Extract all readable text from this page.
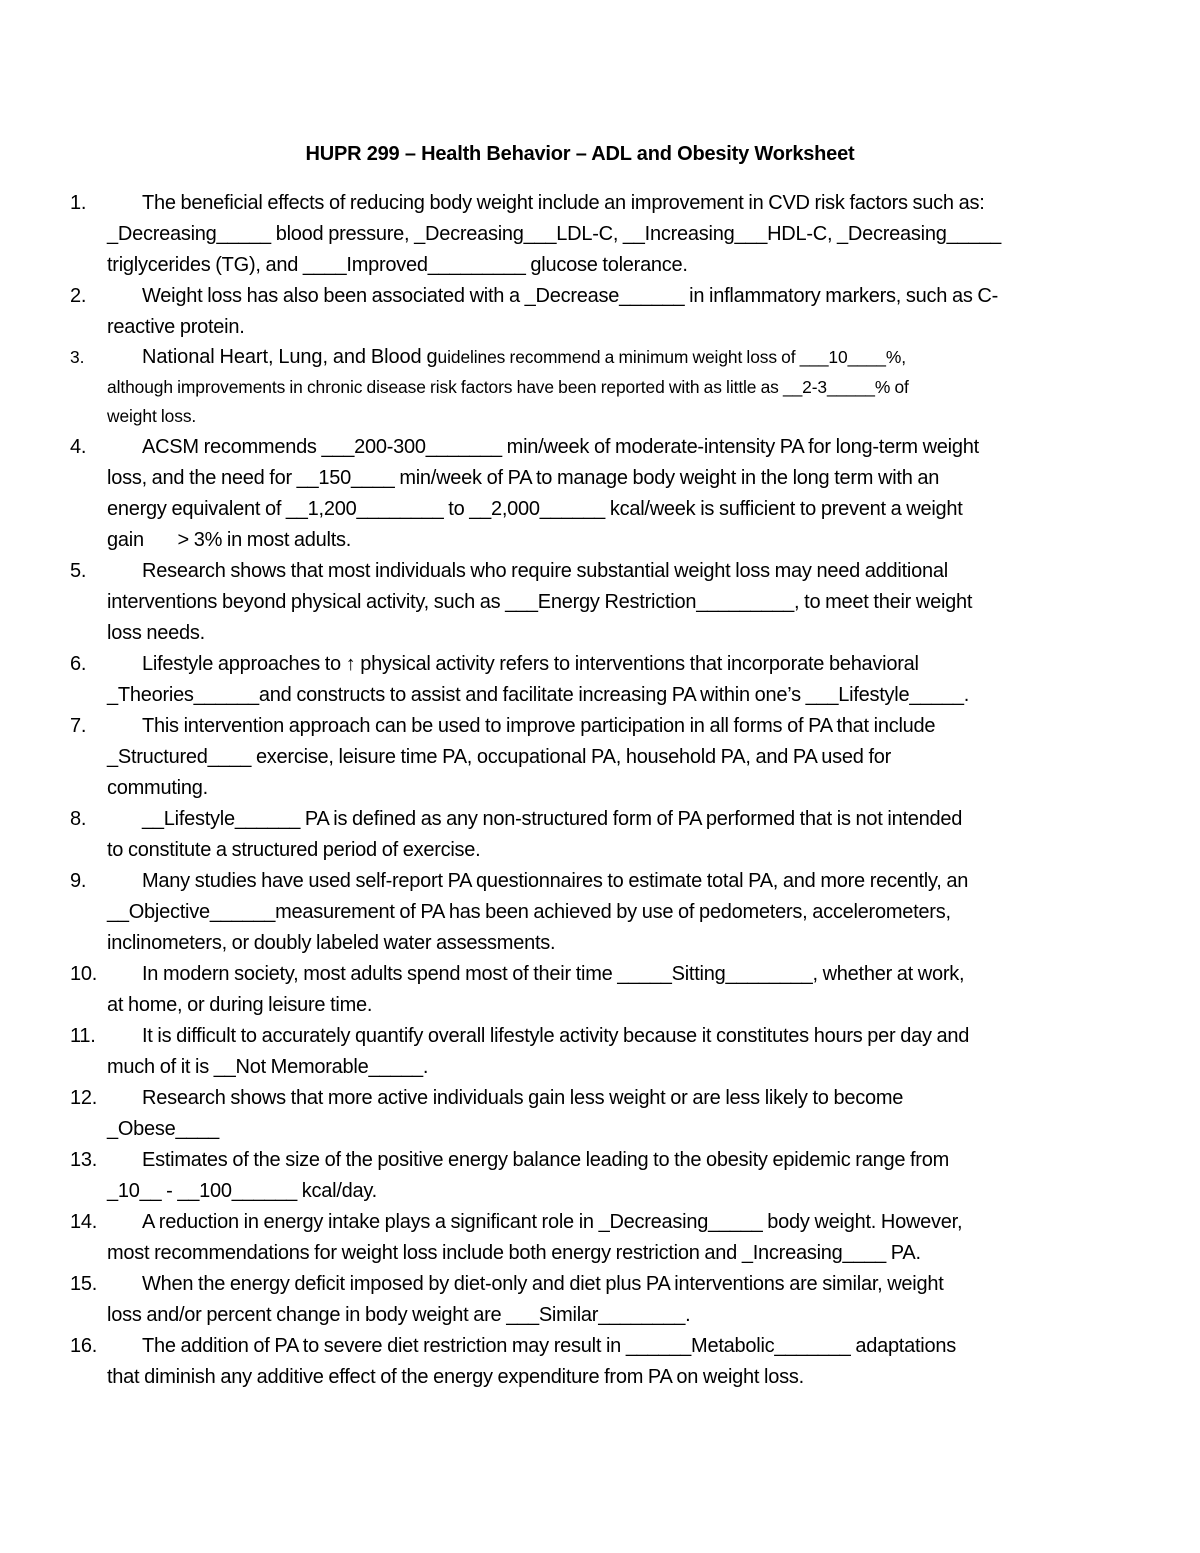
HUPR 299 – Health Behavior – ADL and Obesity Worksheet
1.	The beneficial effects of reducing body weight include an improvement in CVD risk factors such as:
_Decreasing_____ blood pressure, _Decreasing___LDL-C, __Increasing___HDL-C, _Decreasing_____
triglycerides (TG), and ____Improved_________ glucose tolerance.
2.	Weight loss has also been associated with a _Decrease______ in inflammatory markers, such as C-
reactive protein.
3.	National Heart, Lung, and Blood guidelines recommend a minimum weight loss of ___10____%,
although improvements in chronic disease risk factors have been reported with as little as __2-3_____% of
weight loss.
4.	ACSM recommends ___200-300_______ min/week of moderate-intensity PA for long-term weight
loss, and the need for __150____ min/week of PA to manage body weight in the long term with an
energy equivalent of __1,200________ to __2,000______ kcal/week is sufficient to prevent a weight
gain       > 3% in most adults.
5.	Research shows that most individuals who require substantial weight loss may need additional
interventions beyond physical activity, such as ___Energy Restriction_________, to meet their weight
loss needs.
6.	Lifestyle approaches to ↑ physical activity refers to interventions that incorporate behavioral
_Theories______and constructs to assist and facilitate increasing PA within one’s ___Lifestyle_____.
7.	This intervention approach can be used to improve participation in all forms of PA that include
_Structured____ exercise, leisure time PA, occupational PA, household PA, and PA used for
commuting.
8.	__Lifestyle______ PA is defined as any non-structured form of PA performed that is not intended
to constitute a structured period of exercise.
9.	Many studies have used self-report PA questionnaires to estimate total PA, and more recently, an
__Objective______measurement of PA has been achieved by use of pedometers, accelerometers,
inclinometers, or doubly labeled water assessments.
10.	In modern society, most adults spend most of their time _____Sitting________, whether at work,
at home, or during leisure time.
11.	It is difficult to accurately quantify overall lifestyle activity because it constitutes hours per day and
much of it is __Not Memorable_____.
12.	Research shows that more active individuals gain less weight or are less likely to become
_Obese____
13.	Estimates of the size of the positive energy balance leading to the obesity epidemic range from
_10__ - __100______ kcal/day.
14.	A reduction in energy intake plays a significant role in _Decreasing_____ body weight. However,
most recommendations for weight loss include both energy restriction and _Increasing____ PA.
15.	When the energy deficit imposed by diet-only and diet plus PA interventions are similar, weight
loss and/or percent change in body weight are ___Similar________.
16.	The addition of PA to severe diet restriction may result in ______Metabolic_______ adaptations
that diminish any additive effect of the energy expenditure from PA on weight loss.
